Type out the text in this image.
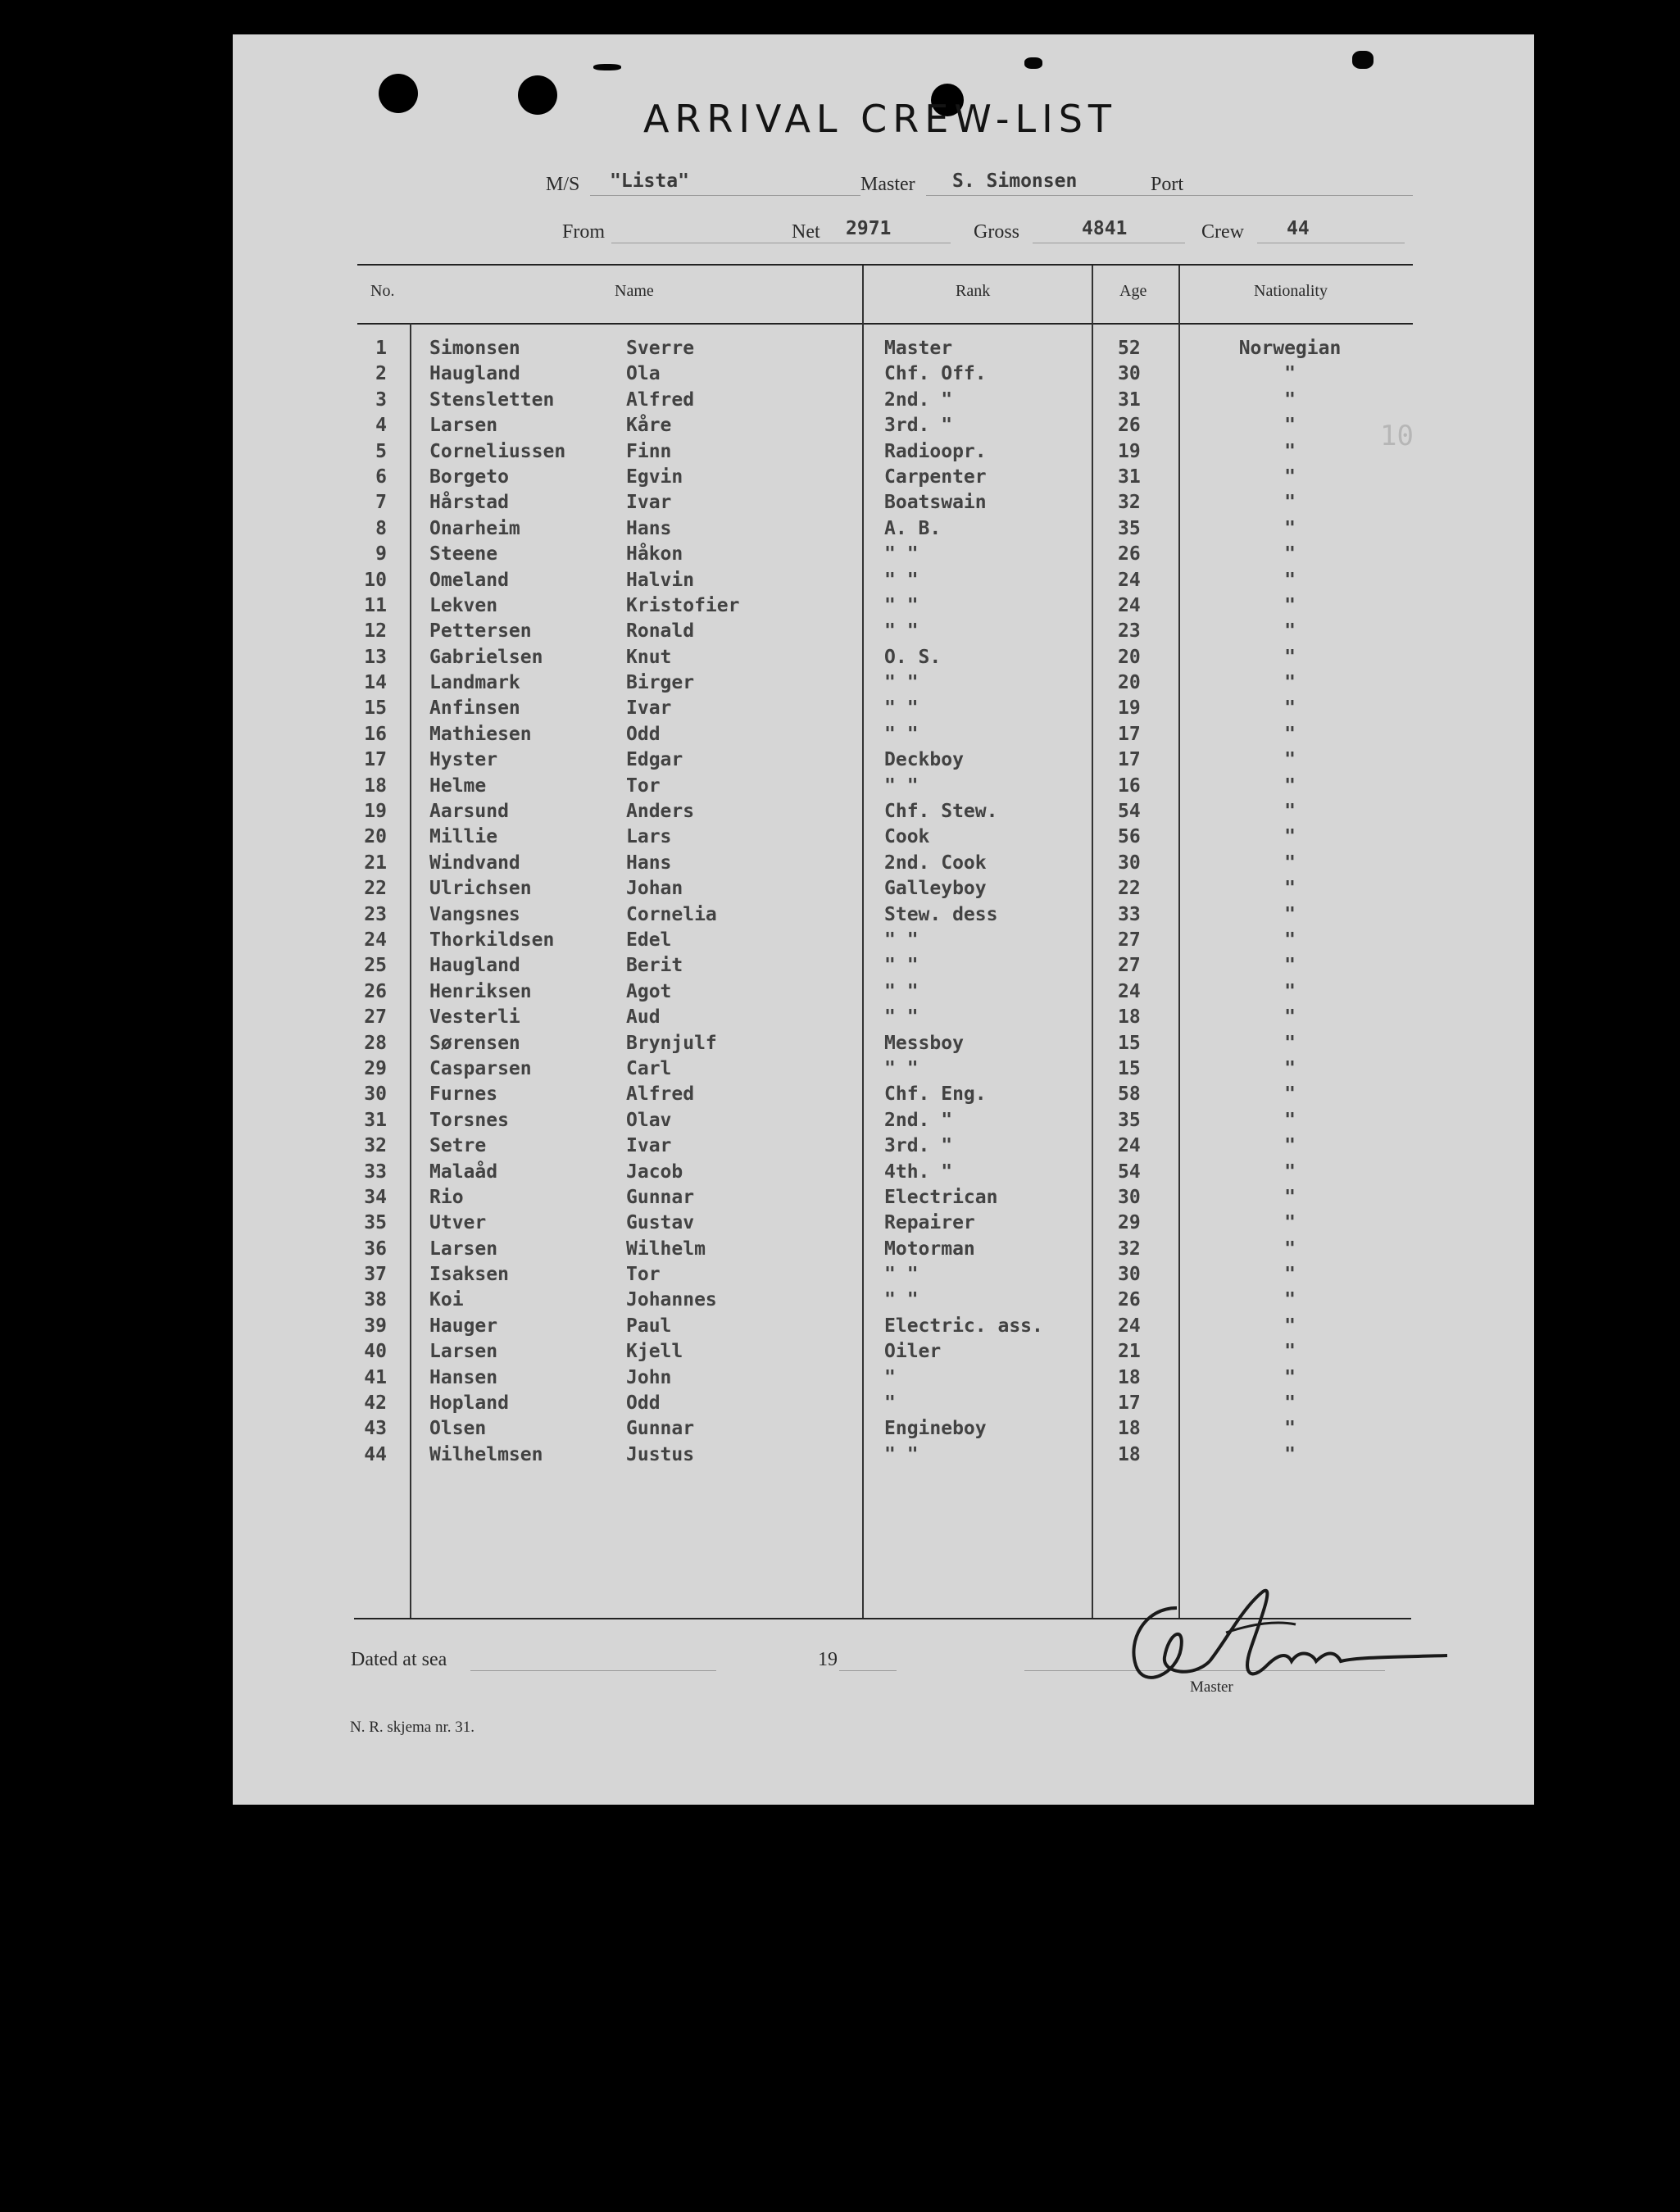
ARRIVAL CREW-LIST
M/S "Lista"	Master S. Simonsen	Port
From	Net 2971	Gross	4841	Crew 44
No.	Name	Rank	Age	Nationality
1 Simonsen	Sverre	Master	52	Norwegian
2 Haugland	Ola	Chf. Off.	30	"
3 Stensletten	Alfred	2nd. "	31	"
4 Larsen	Kåre	3rd. "	26	"
5 Corneliussen	Finn	Radioopr.	19	"
6 Borgeto	Egvin	Carpenter	31	"
7 Hårstad	Ivar	Boatswain	32	"
8 Onarheim	Hans	A. B.	35	"
9 Steene	Håkon	" "	26	"
10 Omeland	Halvin	" "	24	"
11 Lekven	Kristofier	" "	24	"
12 Pettersen	Ronald	" "	23	"
13 Gabrielsen	Knut	O. S.	20	"
14 Landmark	Birger	" "	20	"
15 Anfinsen	Ivar	" "	19	"
16 Mathiesen	Odd	" "	17	"
17 Hyster	Edgar	Deckboy	17	"
18 Helme	Tor	" "	16	"
19 Aarsund	Anders	Chf. Stew.	54	"
20 Millie	Lars	Cook	56	"
21 Windvand	Hans	2nd. Cook	30	"
22 Ulrichsen	Johan	Galleyboy	22	"
23 Vangsnes	Cornelia	Stew. dess	33	"
24 Thorkildsen	Edel	" "	27	"
25 Haugland	Berit	" "	27	"
26 Henriksen	Agot	" "	24	"
27 Vesterli	Aud	" "	18	"
28 Sørensen	Brynjulf	Messboy	15	"
29 Casparsen	Carl	" "	15	"
30 Furnes	Alfred	Chf. Eng.	58	"
31 Torsnes	Olav	2nd. "	35	"
32 Setre	Ivar	3rd. "	24	"
33 Malaåd	Jacob	4th. "	54	"
34 Rio	Gunnar	Electrican	30	"
35 Utver	Gustav	Repairer	29	"
36 Larsen	Wilhelm	Motorman	32	"
37 Isaksen	Tor	" "	30	"
38 Koi	Johannes	" "	26	"
39 Hauger	Paul	Electric. ass.	24	"
40 Larsen	Kjell	Oiler	21	"
41 Hansen	John	"	18	"
42 Hopland	Odd	"	17	"
43 Olsen	Gunnar	Engineboy	18	"
44 Wilhelmsen	Justus	" "	18	"
10
Dated at sea	19
Master
N. R. skjema nr. 31.
